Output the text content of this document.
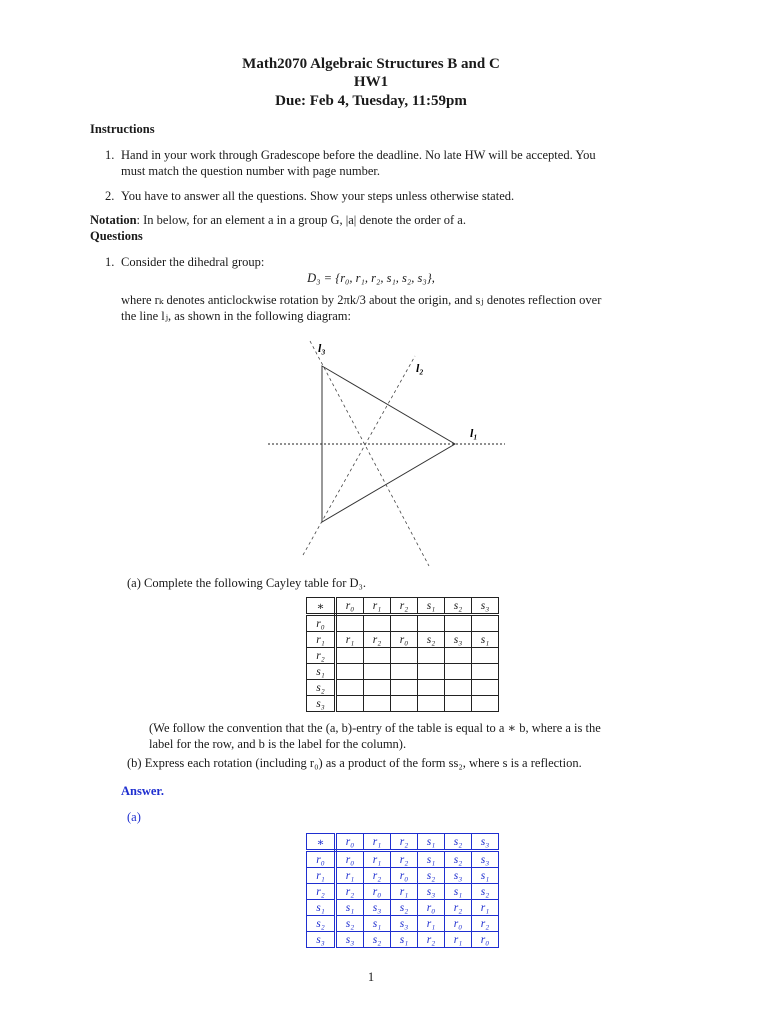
Math2070 Algebraic Structures B and C
HW1
Due: Feb 4, Tuesday, 11:59pm
Instructions
1. Hand in your work through Gradescope before the deadline. No late HW will be accepted. You
must match the question number with page number.
2. You have to answer all the questions. Show your steps unless otherwise stated.
Notation: In below, for an element a in a group G, |a| denote the order of a.
Questions
1. Consider the dihedral group:
D₃ = {r₀, r₁, r₂, s₁, s₂, s₃},
where rₖ denotes anticlockwise rotation by 2πk/3 about the origin, and sⱼ denotes reflection over
the line lⱼ, as shown in the following diagram:
l₃
l₂
l₁
(a) Complete the following Cayley table for D₃.
∗	r₀	r₁	r₂	s₁	s₂	s₃
r₀						
r₁	r₁	r₂	r₀	s₂	s₃	s₁
r₂						
s₁						
s₂						
s₃						
(We follow the convention that the (a, b)-entry of the table is equal to a ∗ b, where a is the
label for the row, and b is the label for the column).
(b) Express each rotation (including r₀) as a product of the form ss₂, where s is a reflection.
Answer.
(a)
∗	r₀	r₁	r₂	s₁	s₂	s₃
r₀	r₀	r₁	r₂	s₁	s₂	s₃
r₁	r₁	r₂	r₀	s₂	s₃	s₁
r₂	r₂	r₀	r₁	s₃	s₁	s₂
s₁	s₁	s₃	s₂	r₀	r₂	r₁
s₂	s₂	s₁	s₃	r₁	r₀	r₂
s₃	s₃	s₂	s₁	r₂	r₁	r₀
1
